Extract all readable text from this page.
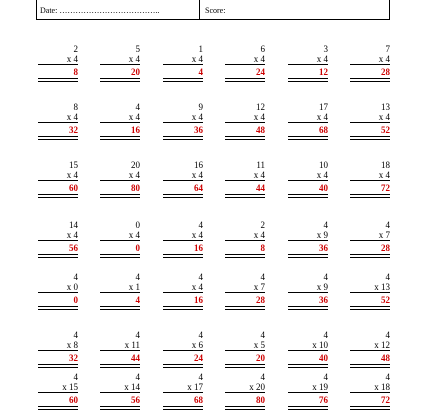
Date: ………………………………..	Score:
2
x 4
8
5
x 4
20
1
x 4
4
6
x 4
24
3
x 4
12
7
x 4
28
8
x 4
32
4
x 4
16
9
x 4
36
12
x 4
48
17
x 4
68
13
x 4
52
15
x 4
60
20
x 4
80
16
x 4
64
11
x 4
44
10
x 4
40
18
x 4
72
14
x 4
56
0
x 4
0
4
x 4
16
2
x 4
8
4
x 9
36
4
x 7
28
4
x 0
0
4
x 1
4
4
x 4
16
4
x 7
28
4
x 9
36
4
x 13
52
4
x 8
32
4
x 11
44
4
x 6
24
4
x 5
20
4
x 10
40
4
x 12
48
4
x 15
60
4
x 14
56
4
x 17
68
4
x 20
80
4
x 19
76
4
x 18
72
